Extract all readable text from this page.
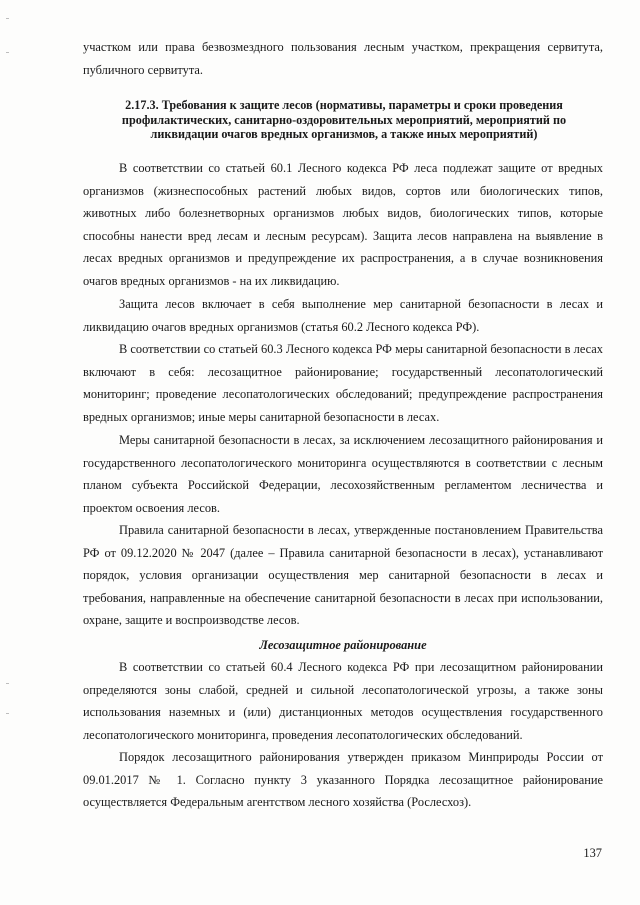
участком или права безвозмездного пользования лесным участком, прекращения сервитута, публичного сервитута.

2.17.3. Требования к защите лесов (нормативы, параметры и сроки проведения профилактических, санитарно-оздоровительных мероприятий, мероприятий по ликвидации очагов вредных организмов, а также иных мероприятий)

В соответствии со статьей 60.1 Лесного кодекса РФ леса подлежат защите от вредных организмов (жизнеспособных растений любых видов, сортов или биологических типов, животных либо болезнетворных организмов любых видов, биологических типов, которые способны нанести вред лесам и лесным ресурсам). Защита лесов направлена на выявление в лесах вредных организмов и предупреждение их распространения, а в случае возникновения очагов вредных организмов - на их ликвидацию.

Защита лесов включает в себя выполнение мер санитарной безопасности в лесах и ликвидацию очагов вредных организмов (статья 60.2 Лесного кодекса РФ).

В соответствии со статьей 60.3 Лесного кодекса РФ меры санитарной безопасности в лесах включают в себя: лесозащитное районирование; государственный лесопатологический мониторинг; проведение лесопатологических обследований; предупреждение распространения вредных организмов; иные меры санитарной безопасности в лесах.

Меры санитарной безопасности в лесах, за исключением лесозащитного районирования и государственного лесопатологического мониторинга осуществляются в соответствии с лесным планом субъекта Российской Федерации, лесохозяйственным регламентом лесничества и проектом освоения лесов.

Правила санитарной безопасности в лесах, утвержденные постановлением Правительства РФ от 09.12.2020 № 2047 (далее – Правила санитарной безопасности в лесах), устанавливают порядок, условия организации осуществления мер санитарной безопасности в лесах и требования, направленные на обеспечение санитарной безопасности в лесах при использовании, охране, защите и воспроизводстве лесов.

Лесозащитное районирование

В соответствии со статьей 60.4 Лесного кодекса РФ при лесозащитном районировании определяются зоны слабой, средней и сильной лесопатологической угрозы, а также зоны использования наземных и (или) дистанционных методов осуществления государственного лесопатологического мониторинга, проведения лесопатологических обследований.

Порядок лесозащитного районирования утвержден приказом Минприроды России от 09.01.2017 № 1. Согласно пункту 3 указанного Порядка лесозащитное районирование осуществляется Федеральным агентством лесного хозяйства (Рослесхоз).

137
